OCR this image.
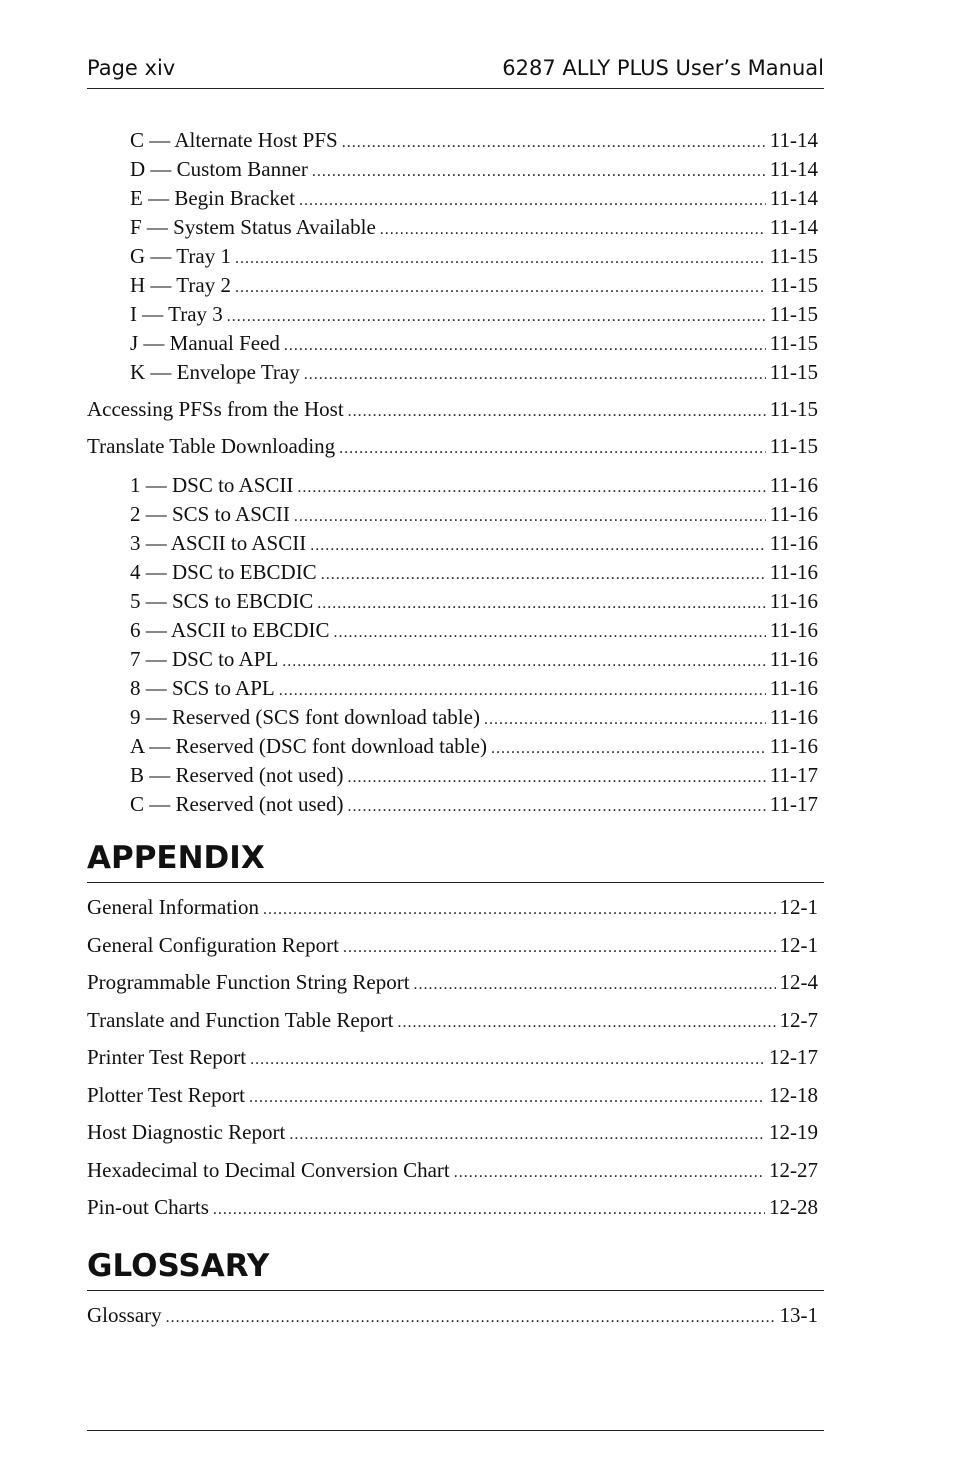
Page xiv	6287 ALLY PLUS User’s Manual
C — Alternate Host PFS .....	11-14
D — Custom Banner .....	11-14
E — Begin Bracket .....	11-14
F — System Status Available .....	11-14
G — Tray 1 .....	11-15
H — Tray 2 .....	11-15
I — Tray 3 .....	11-15
J — Manual Feed .....	11-15
K — Envelope Tray .....	11-15
Accessing PFSs from the Host .....	11-15
Translate Table Downloading .....	11-15
1 — DSC to ASCII .....	11-16
2 — SCS to ASCII .....	11-16
3 — ASCII to ASCII .....	11-16
4 — DSC to EBCDIC .....	11-16
5 — SCS to EBCDIC .....	11-16
6 — ASCII to EBCDIC .....	11-16
7 — DSC to APL .....	11-16
8 — SCS to APL .....	11-16
9 — Reserved (SCS font download table) .....	11-16
A — Reserved (DSC font download table) .....	11-16
B — Reserved (not used) .....	11-17
C — Reserved (not used) .....	11-17
APPENDIX
General Information .....	12-1
General Configuration Report .....	12-1
Programmable Function String Report .....	12-4
Translate and Function Table Report .....	12-7
Printer Test Report .....	12-17
Plotter Test Report .....	12-18
Host Diagnostic Report .....	12-19
Hexadecimal to Decimal Conversion Chart .....	12-27
Pin-out Charts .....	12-28
GLOSSARY
Glossary .....	13-1
